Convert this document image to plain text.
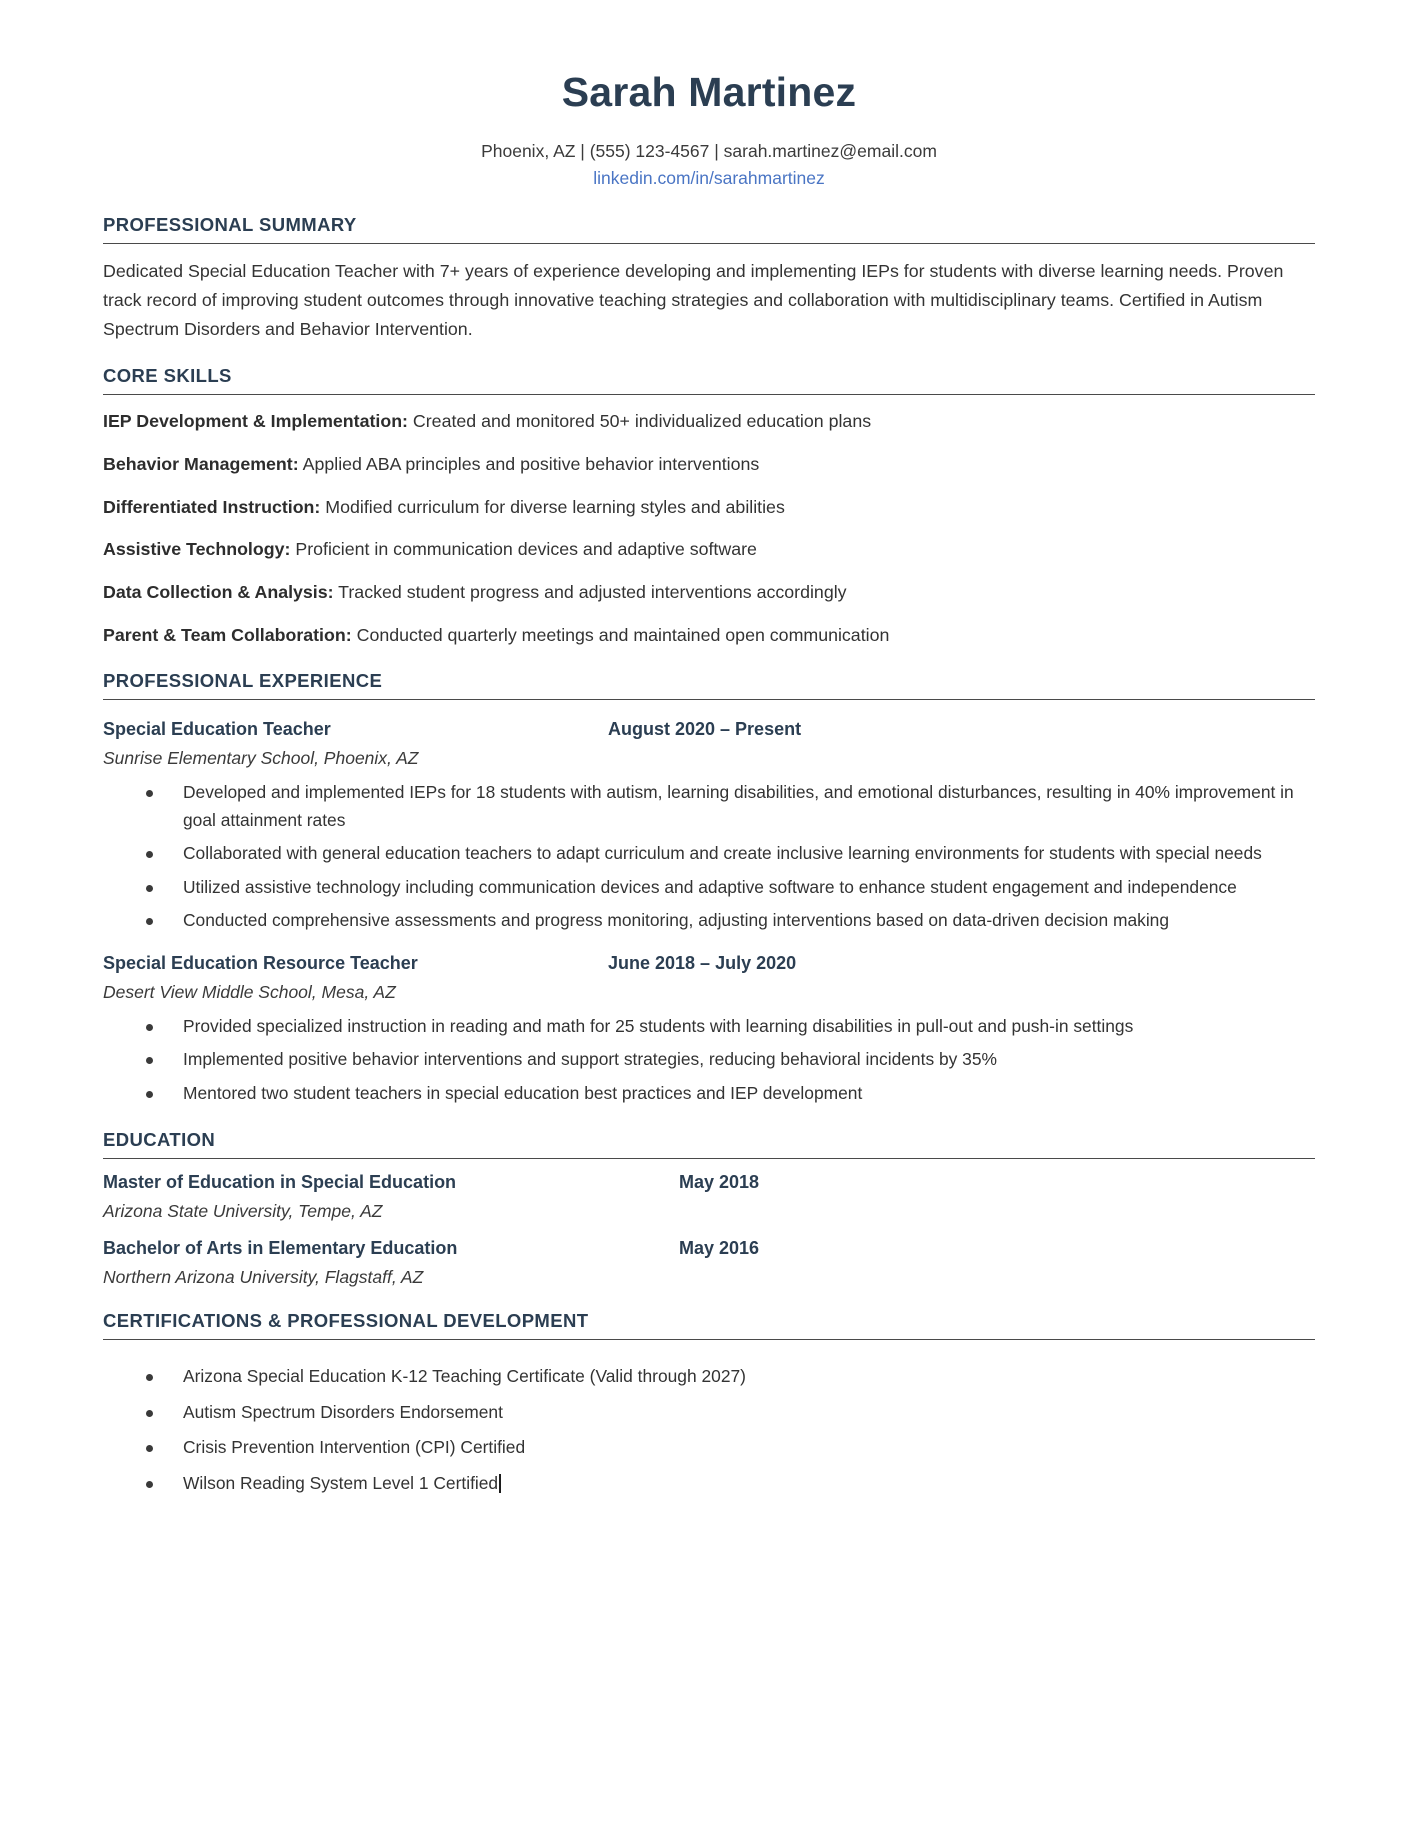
Sarah Martinez
Phoenix, AZ | (555) 123-4567 | sarah.martinez@email.com
linkedin.com/in/sarahmartinez
PROFESSIONAL SUMMARY

Dedicated Special Education Teacher with 7+ years of experience developing and implementing IEPs for students with diverse learning needs. Proven track record of improving student outcomes through innovative teaching strategies and collaboration with multidisciplinary teams. Certified in Autism Spectrum Disorders and Behavior Intervention.

CORE SKILLS
IEP Development & Implementation: Created and monitored 50+ individualized education plans
Behavior Management: Applied ABA principles and positive behavior interventions
Differentiated Instruction: Modified curriculum for diverse learning styles and abilities
Assistive Technology: Proficient in communication devices and adaptive software
Data Collection & Analysis: Tracked student progress and adjusted interventions accordingly
Parent & Team Collaboration: Conducted quarterly meetings and maintained open communication
PROFESSIONAL EXPERIENCE
Special Education Teacher	August 2020 – Present
Sunrise Elementary School, Phoenix, AZ
Developed and implemented IEPs for 18 students with autism, learning disabilities, and emotional disturbances, resulting in 40% improvement in goal attainment rates
Collaborated with general education teachers to adapt curriculum and create inclusive learning environments for students with special needs
Utilized assistive technology including communication devices and adaptive software to enhance student engagement and independence
Conducted comprehensive assessments and progress monitoring, adjusting interventions based on data-driven decision making
Special Education Resource Teacher	June 2018 – July 2020
Desert View Middle School, Mesa, AZ
Provided specialized instruction in reading and math for 25 students with learning disabilities in pull-out and push-in settings
Implemented positive behavior interventions and support strategies, reducing behavioral incidents by 35%
Mentored two student teachers in special education best practices and IEP development
EDUCATION
Master of Education in Special Education	May 2018
Arizona State University, Tempe, AZ
Bachelor of Arts in Elementary Education	May 2016
Northern Arizona University, Flagstaff, AZ
CERTIFICATIONS & PROFESSIONAL DEVELOPMENT
Arizona Special Education K-12 Teaching Certificate (Valid through 2027)
Autism Spectrum Disorders Endorsement
Crisis Prevention Intervention (CPI) Certified
Wilson Reading System Level 1 Certified
